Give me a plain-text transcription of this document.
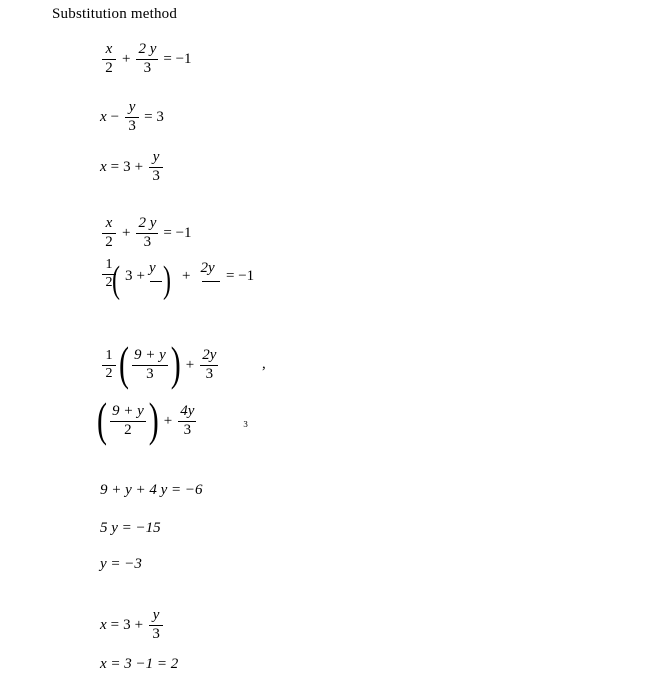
Substitution method
$\frac{x}{2} + \frac{2 y}{3} = -1$
$x - \frac{y}{3} = 3$
$x = 3 + \frac{y}{3}$
$\frac{x}{2} + \frac{2 y}{3} = -1$
$\frac{1}{2}$
( 3 + y ) + 2y = −1
$\frac{1}{2}$ ( $\frac{9 + y}{3}$ ) + $\frac{2y}{3}$	,
( $\frac{9 + y}{2}$ ) + $\frac{4y}{3}$	₃
9 + y + 4 y = −6
5 y = −15
y = −3
$x = 3 + \frac{y}{3}$
x = 3 −1 = 2
